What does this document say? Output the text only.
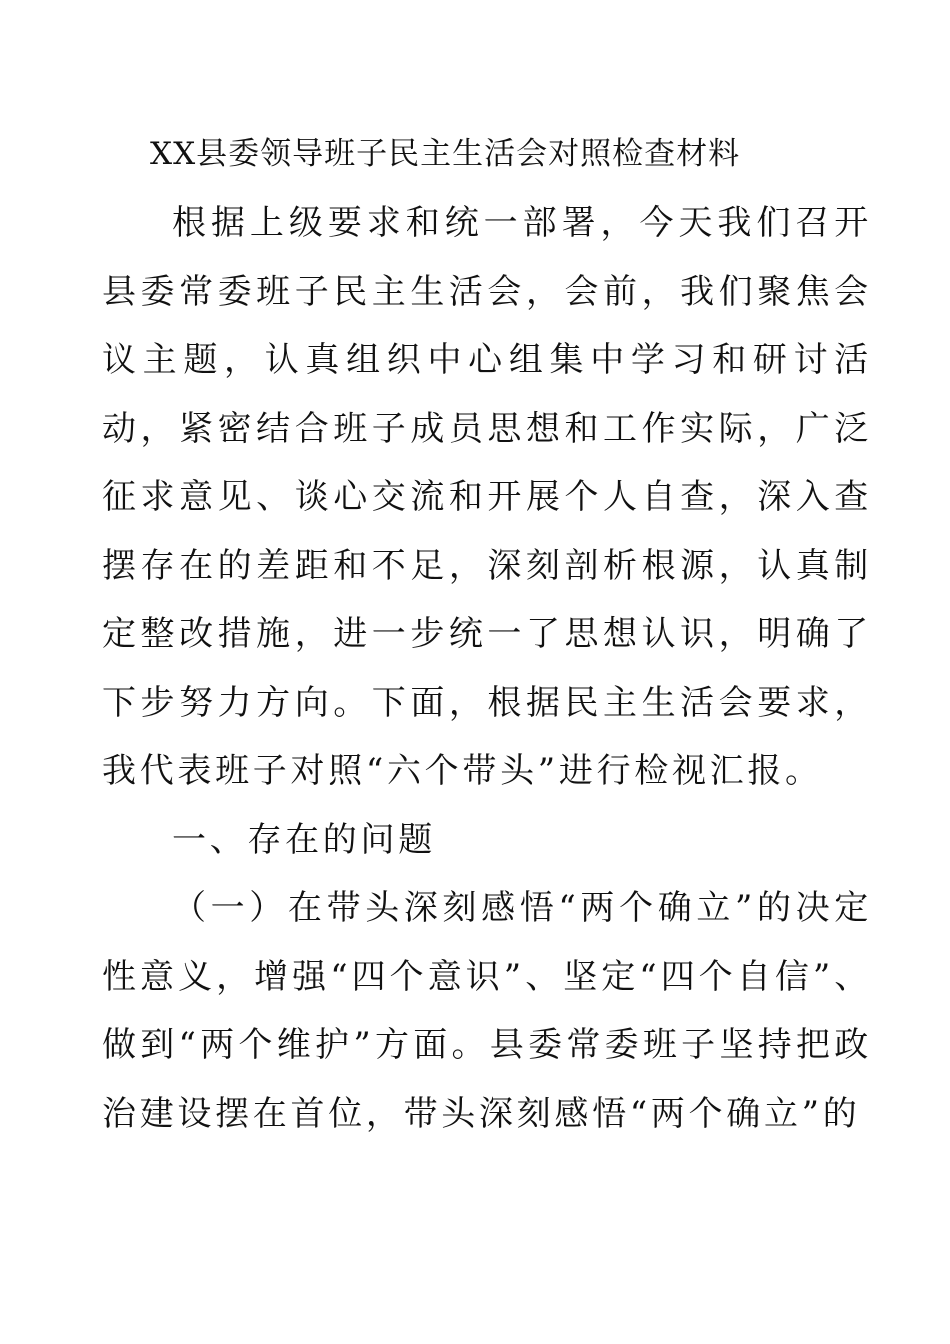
XX县委领导班子民主生活会对照检查材料

根据上级要求和统一部署，今天我们召开县委常委班子民主生活会，会前，我们聚焦会议主题，认真组织中心组集中学习和研讨活动，紧密结合班子成员思想和工作实际，广泛征求意见、谈心交流和开展个人自查，深入查摆存在的差距和不足，深刻剖析根源，认真制定整改措施，进一步统一了思想认识，明确了下步努力方向。下面，根据民主生活会要求，我代表班子对照“六个带头”进行检视汇报。

一、存在的问题

（一）在带头深刻感悟“两个确立”的决定性意义，增强“四个意识”、坚定“四个自信”、做到“两个维护”方面。县委常委班子坚持把政治建设摆在首位，带头深刻感悟“两个确立”的
